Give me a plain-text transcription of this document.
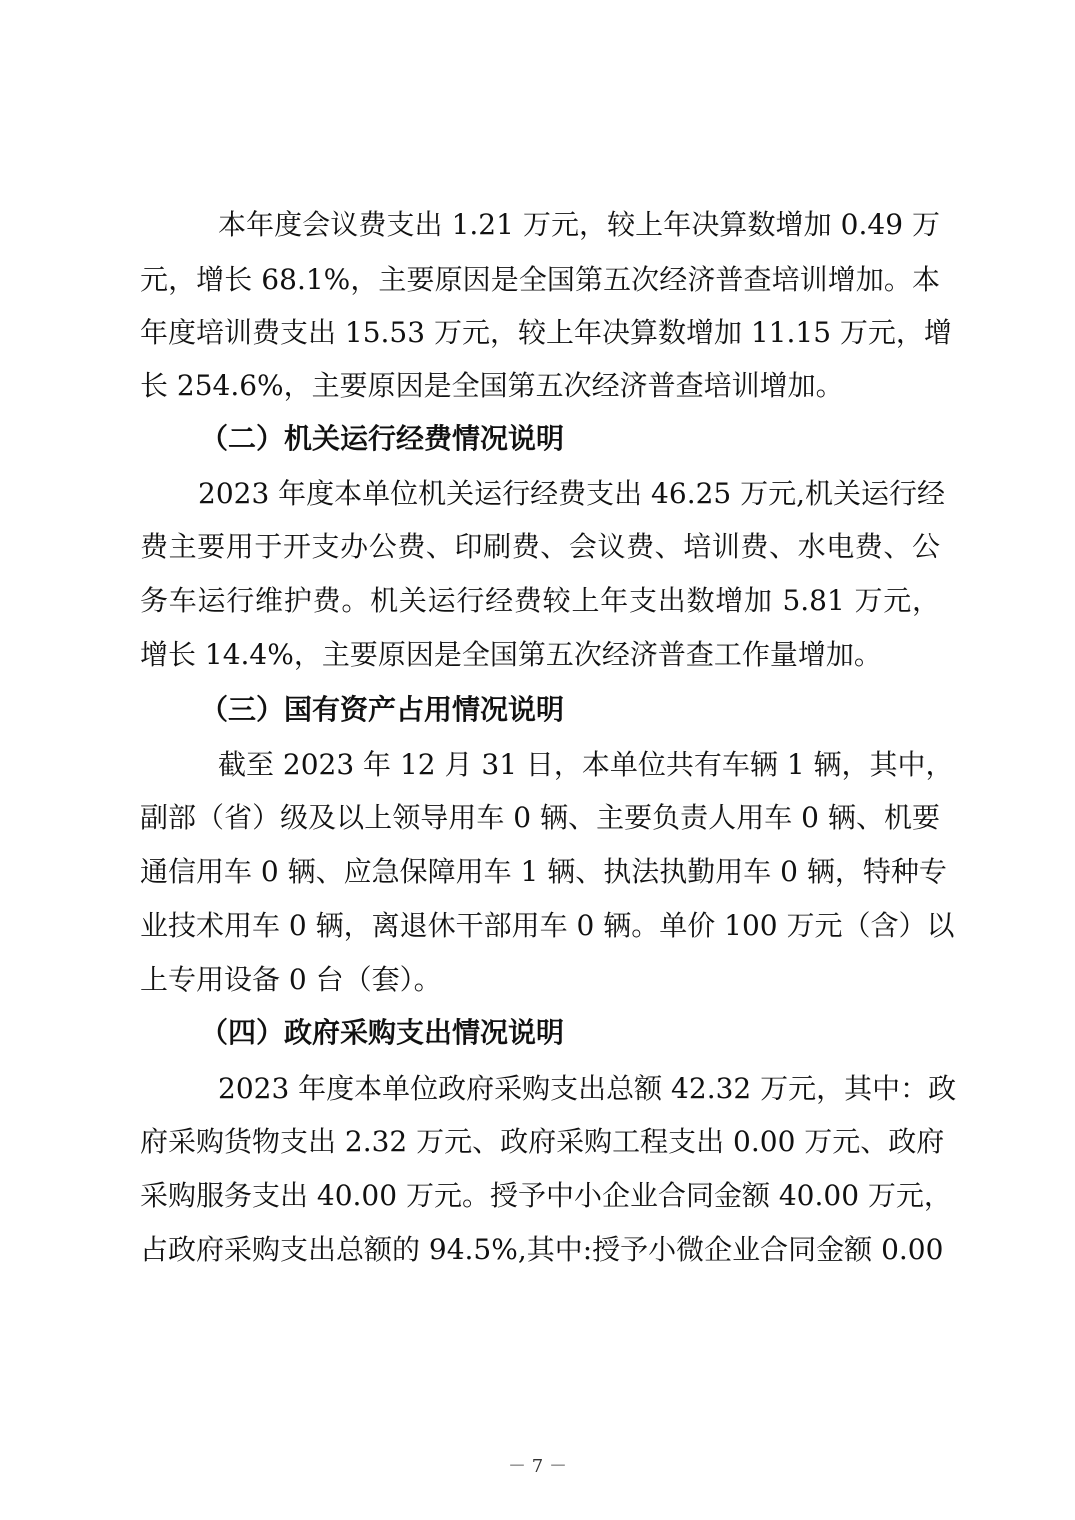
本年度会议费支出 1.21 万元，较上年决算数增加 0.49 万
元，增长 68.1%，主要原因是全国第五次经济普查培训增加。本
年度培训费支出 15.53 万元，较上年决算数增加 11.15 万元，增
长 254.6%，主要原因是全国第五次经济普查培训增加。
（二）机关运行经费情况说明
2023 年度本单位机关运行经费支出 46.25 万元,机关运行经
费主要用于开支办公费、印刷费、会议费、培训费、水电费、公
务车运行维护费。机关运行经费较上年支出数增加 5.81 万元，
增长 14.4%，主要原因是全国第五次经济普查工作量增加。
（三）国有资产占用情况说明
截至 2023 年 12 月 31 日，本单位共有车辆 1 辆，其中，
副部（省）级及以上领导用车 0 辆、主要负责人用车 0 辆、机要
通信用车 0 辆、应急保障用车 1 辆、执法执勤用车 0 辆，特种专
业技术用车 0 辆，离退休干部用车 0 辆。单价 100 万元（含）以
上专用设备 0 台（套）。
（四）政府采购支出情况说明
2023 年度本单位政府采购支出总额 42.32 万元，其中：政
府采购货物支出 2.32 万元、政府采购工程支出 0.00 万元、政府
采购服务支出 40.00 万元。授予中小企业合同金额 40.00 万元，
占政府采购支出总额的 94.5%,其中:授予小微企业合同金额 0.00
－ 7 －
